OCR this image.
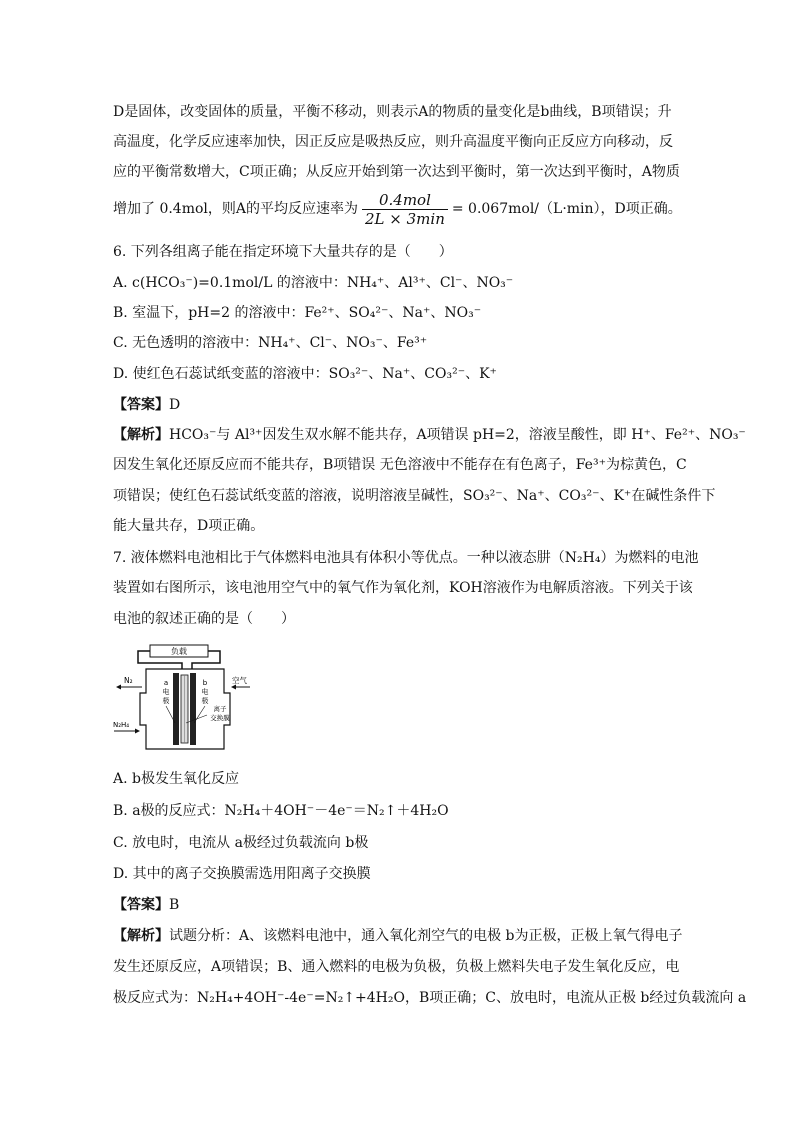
D是固体，改变固体的质量，平衡不移动，则表示A的物质的量变化是b曲线，B项错误；升
高温度，化学反应速率加快，因正反应是吸热反应，则升高温度平衡向正反应方向移动，反
应的平衡常数增大，C项正确；从反应开始到第一次达到平衡时，第一次达到平衡时，A物质
增加了 0.4mol，则A的平均反应速率为 $\frac{\text{0.4mol}}{2L \times 3\min} = 0.067mol/(L\cdot\min)$，D项正确。
6. 下列各组离子能在指定环境下大量共存的是（　　）
A. c(HCO₃⁻)=0.1mol/L 的溶液中：NH₄⁺、Al³⁺、Cl⁻、NO₃⁻
B. 室温下，pH=2 的溶液中：Fe²⁺、SO₄²⁻、Na⁺、NO₃⁻
C. 无色透明的溶液中：NH₄⁺、Cl⁻、NO₃⁻、Fe³⁺
D. 使红色石蕊试纸变蓝的溶液中：SO₃²⁻、Na⁺、CO₃²⁻、K⁺
【答案】D
【解析】HCO₃⁻与 Al³⁺因发生双水解不能共存，A项错误 pH=2，溶液呈酸性，即 H⁺、Fe²⁺、NO₃⁻
因发生氧化还原反应而不能共存，B项错误 无色溶液中不能存在有色离子，Fe³⁺为棕黄色，C
项错误；使红色石蕊试纸变蓝的溶液，说明溶液呈碱性，SO₃²⁻、Na⁺、CO₃²⁻、K⁺在碱性条件下
能大量共存，D项正确。
7. 液体燃料电池相比于气体燃料电池具有体积小等优点。一种以液态肼（N₂H₄）为燃料的电池
装置如右图所示，该电池用空气中的氧气作为氧化剂，KOH溶液作为电解质溶液。下列关于该
电池的叙述正确的是（　　）
负载
a
电
极
b
电
极
离子
交换膜
N₂
N₂H₄
空气
A. b极发生氧化反应
B. a极的反应式：N₂H₄＋4OH⁻－4e⁻＝N₂↑＋4H₂O
C. 放电时，电流从 a极经过负载流向 b极
D. 其中的离子交换膜需选用阳离子交换膜
【答案】B
【解析】试题分析：A、该燃料电池中，通入氧化剂空气的电极 b为正极，正极上氧气得电子
发生还原反应，A项错误；B、通入燃料的电极为负极，负极上燃料失电子发生氧化反应，电
极反应式为：N₂H₄+4OH⁻-4e⁻=N₂↑+4H₂O，B项正确；C、放电时，电流从正极 b经过负载流向 a
